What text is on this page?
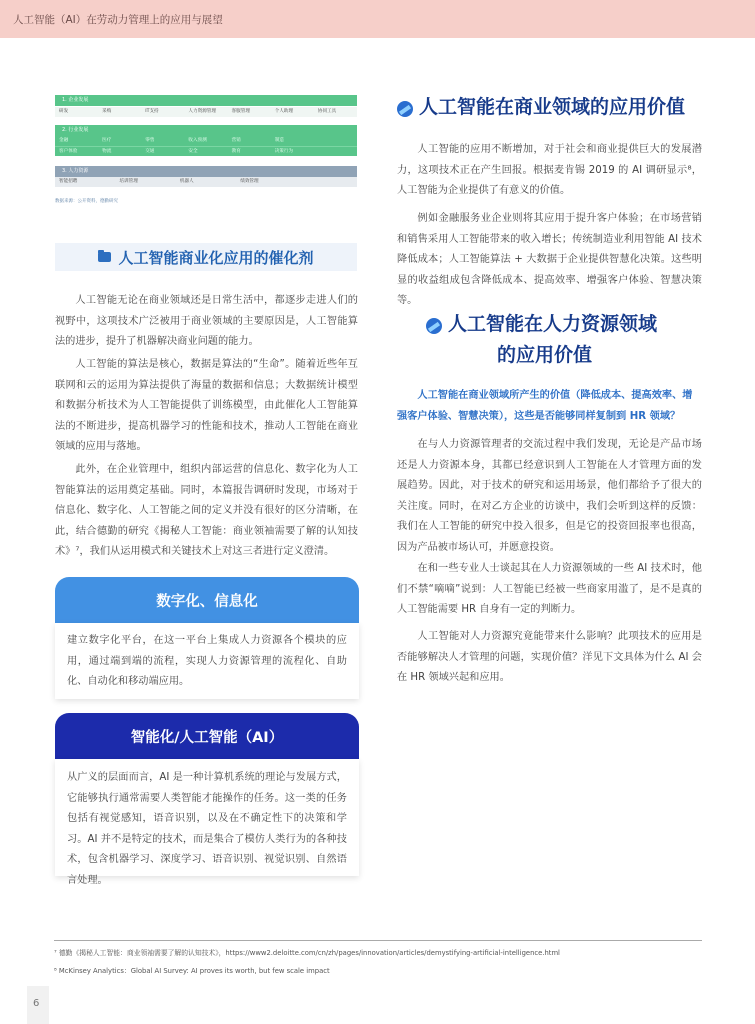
人工智能（AI）在劳动力管理上的应用与展望
1. 企业发展
研发	采购	IT支持	人力资源管理	客服管理	个人助理	协同工具
2. 行业发展
金融	医疗	零售	收入预测	营销	制造
客户体验	物流	交通	安全	教育	决策行为
3. 人力资源
智能招聘	培训管理	机器人	绩效管理
数据来源：公开资料，德勤研究
人工智能商业化应用的催化剂
人工智能无论在商业领域还是日常生活中，都逐步走进人们的视野中，这项技术广泛被用于商业领域的主要原因是，人工智能算法的进步，提升了机器解决商业问题的能力。
人工智能的算法是核心，数据是算法的“生命”。随着近些年互联网和云的运用为算法提供了海量的数据和信息；大数据统计模型和数据分析技术为人工智能提供了训练模型，由此催化人工智能算法的不断进步，提高机器学习的性能和技术，推动人工智能在商业领域的应用与落地。
此外，在企业管理中，组织内部运营的信息化、数字化为人工智能算法的运用奠定基础。同时，本篇报告调研时发现，市场对于信息化、数字化、人工智能之间的定义并没有很好的区分清晰，在此，结合德勤的研究《揭秘人工智能：商业领袖需要了解的认知技术》⁷，我们从运用模式和关键技术上对这三者进行定义澄清。
数字化、信息化
建立数字化平台，在这一平台上集成人力资源各个模块的应用，通过端到端的流程，实现人力资源管理的流程化、自助化、自动化和移动端应用。
智能化/人工智能（AI）
从广义的层面而言，AI 是一种计算机系统的理论与发展方式，它能够执行通常需要人类智能才能操作的任务。这一类的任务包括有视觉感知，语音识别，以及在不确定性下的决策和学习。AI 并不是特定的技术，而是集合了模仿人类行为的各种技术，包含机器学习、深度学习、语音识别、视觉识别、自然语言处理。
人工智能在商业领域的应用价值
人工智能的应用不断增加，对于社会和商业提供巨大的发展潜力，这项技术正在产生回报。根据麦肯锡 2019 的 AI 调研显示⁸，人工智能为企业提供了有意义的价值。
例如金融服务业企业则将其应用于提升客户体验；在市场营销和销售采用人工智能带来的收入增长；传统制造业利用智能 AI 技术降低成本；人工智能算法 + 大数据于企业提供智慧化决策。这些明显的收益组成包含降低成本、提高效率、增强客户体验、智慧决策等。
人工智能在人力资源领域
的应用价值
人工智能在商业领域所产生的价值（降低成本、提高效率、增强客户体验、智慧决策），这些是否能够同样复制到 HR 领域？
在与人力资源管理者的交流过程中我们发现，无论是产品市场还是人力资源本身，其都已经意识到人工智能在人才管理方面的发展趋势。因此，对于技术的研究和运用场景，他们都给予了很大的关注度。同时，在对乙方企业的访谈中，我们会听到这样的反馈：我们在人工智能的研究中投入很多，但是它的投资回报率也很高，因为产品被市场认可，并愿意投资。
在和一些专业人士谈起其在人力资源领域的一些 AI 技术时，他们不禁“嘀嘀”说到：人工智能已经被一些商家用滥了，是不是真的人工智能需要 HR 自身有一定的判断力。
人工智能对人力资源究竟能带来什么影响？此项技术的应用是否能够解决人才管理的问题，实现价值？洋见下文具体为什么 AI 会在 HR 领域兴起和应用。
⁷ 德勤《揭秘人工智能：商业领袖需要了解的认知技术》，https://www2.deloitte.com/cn/zh/pages/innovation/articles/demystifying-artificial-intelligence.html
⁸ McKinsey Analytics：Global AI Survey: AI proves its worth, but few scale impact
6
